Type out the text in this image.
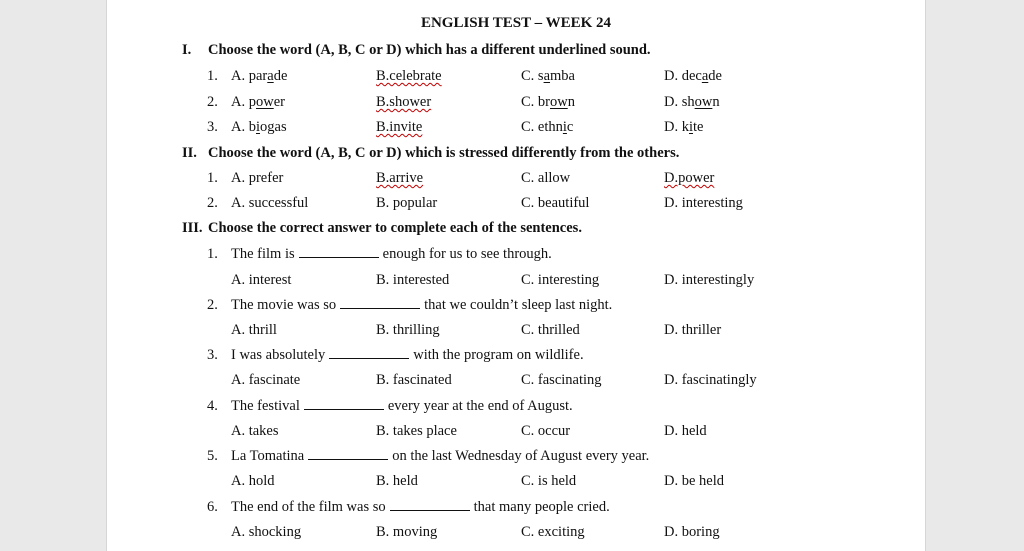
ENGLISH TEST – WEEK 24
I. Choose the word (A, B, C or D) which has a different underlined sound.
1. A. parade	B.celebrate	C. samba	D. decade
2. A. power	B.shower	C. brown	D. shown
3. A. biogas	B.invite	C. ethnic	D. kite
II. Choose the word (A, B, C or D) which is stressed differently from the others.
1. A. prefer	B.arrive	C. allow	D.power
2. A. successful	B. popular	C. beautiful	D. interesting
III. Choose the correct answer to complete each of the sentences.
1. The film is	enough for us to see through.
A. interest	B. interested	C. interesting	D. interestingly
2. The movie was so	that we couldn’t sleep last night.
A. thrill	B. thrilling	C. thrilled	D. thriller
3. I was absolutely	with the program on wildlife.
A. fascinate	B. fascinated	C. fascinating	D. fascinatingly
4. The festival	every year at the end of August.
A. takes	B. takes place	C. occur	D. held
5. La Tomatina	on the last Wednesday of August every year.
A. hold	B. held	C. is held	D. be held
6. The end of the film was so	that many people cried.
A. shocking	B. moving	C. exciting	D. boring
